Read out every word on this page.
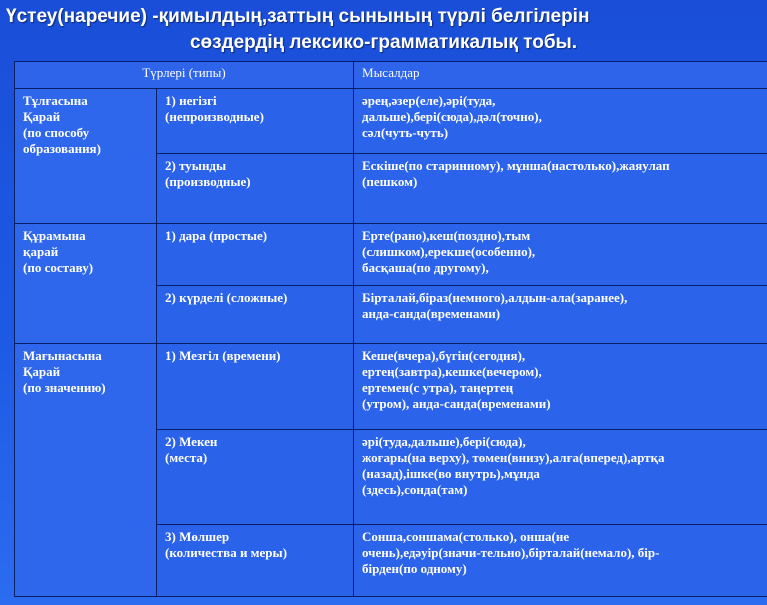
Үстеу(наречие) -қимылдың,заттың сынының түрлі белгілерін
сөздердің лексико-грамматикалық тобы.
Түрлері (типы)		Мысалдар
Тұлғасына
Қарай
(по способу
образования)	1) негізгі
(непроизводные)	әрең,әзер(еле),әрі(туда,
дальше),бері(сюда),дәл(точно),
сәл(чуть-чуть)
	2) туынды
(производные)	Ескіше(по старинному), мұнша(настолько),жаяулап
(пешком)
Құрамына
қарай
(по составу)	1) дара (простые)	Ерте(рано),кеш(поздно),тым
(слишком),ерекше(особенно),
басқаша(по другому),
	2) күрделі (сложные)	Бірталай,біраз(немного),алдын-ала(заранее),
анда-санда(временами)
Мағынасына
Қарай
(по значению)	1) Мезгіл (времени)	Кеше(вчера),бүгін(сегодня),
ертең(завтра),кешке(вечером),
ертемен(с утра), таңертең
(утром), анда-санда(временами)
	2) Мекен
(места)	әрі(туда,дальше),бері(сюда),
жоғары(на верху), төмен(внизу),алға(вперед),артқа
(назад),ішке(во внутрь),мұнда
(здесь),сонда(там)
	3) Мөлшер
(количества и меры)	Сонша,соншама(столько), онша(не
очень),едәуір(значи-тельно),бірталай(немало), бір-
бірден(по одному)
